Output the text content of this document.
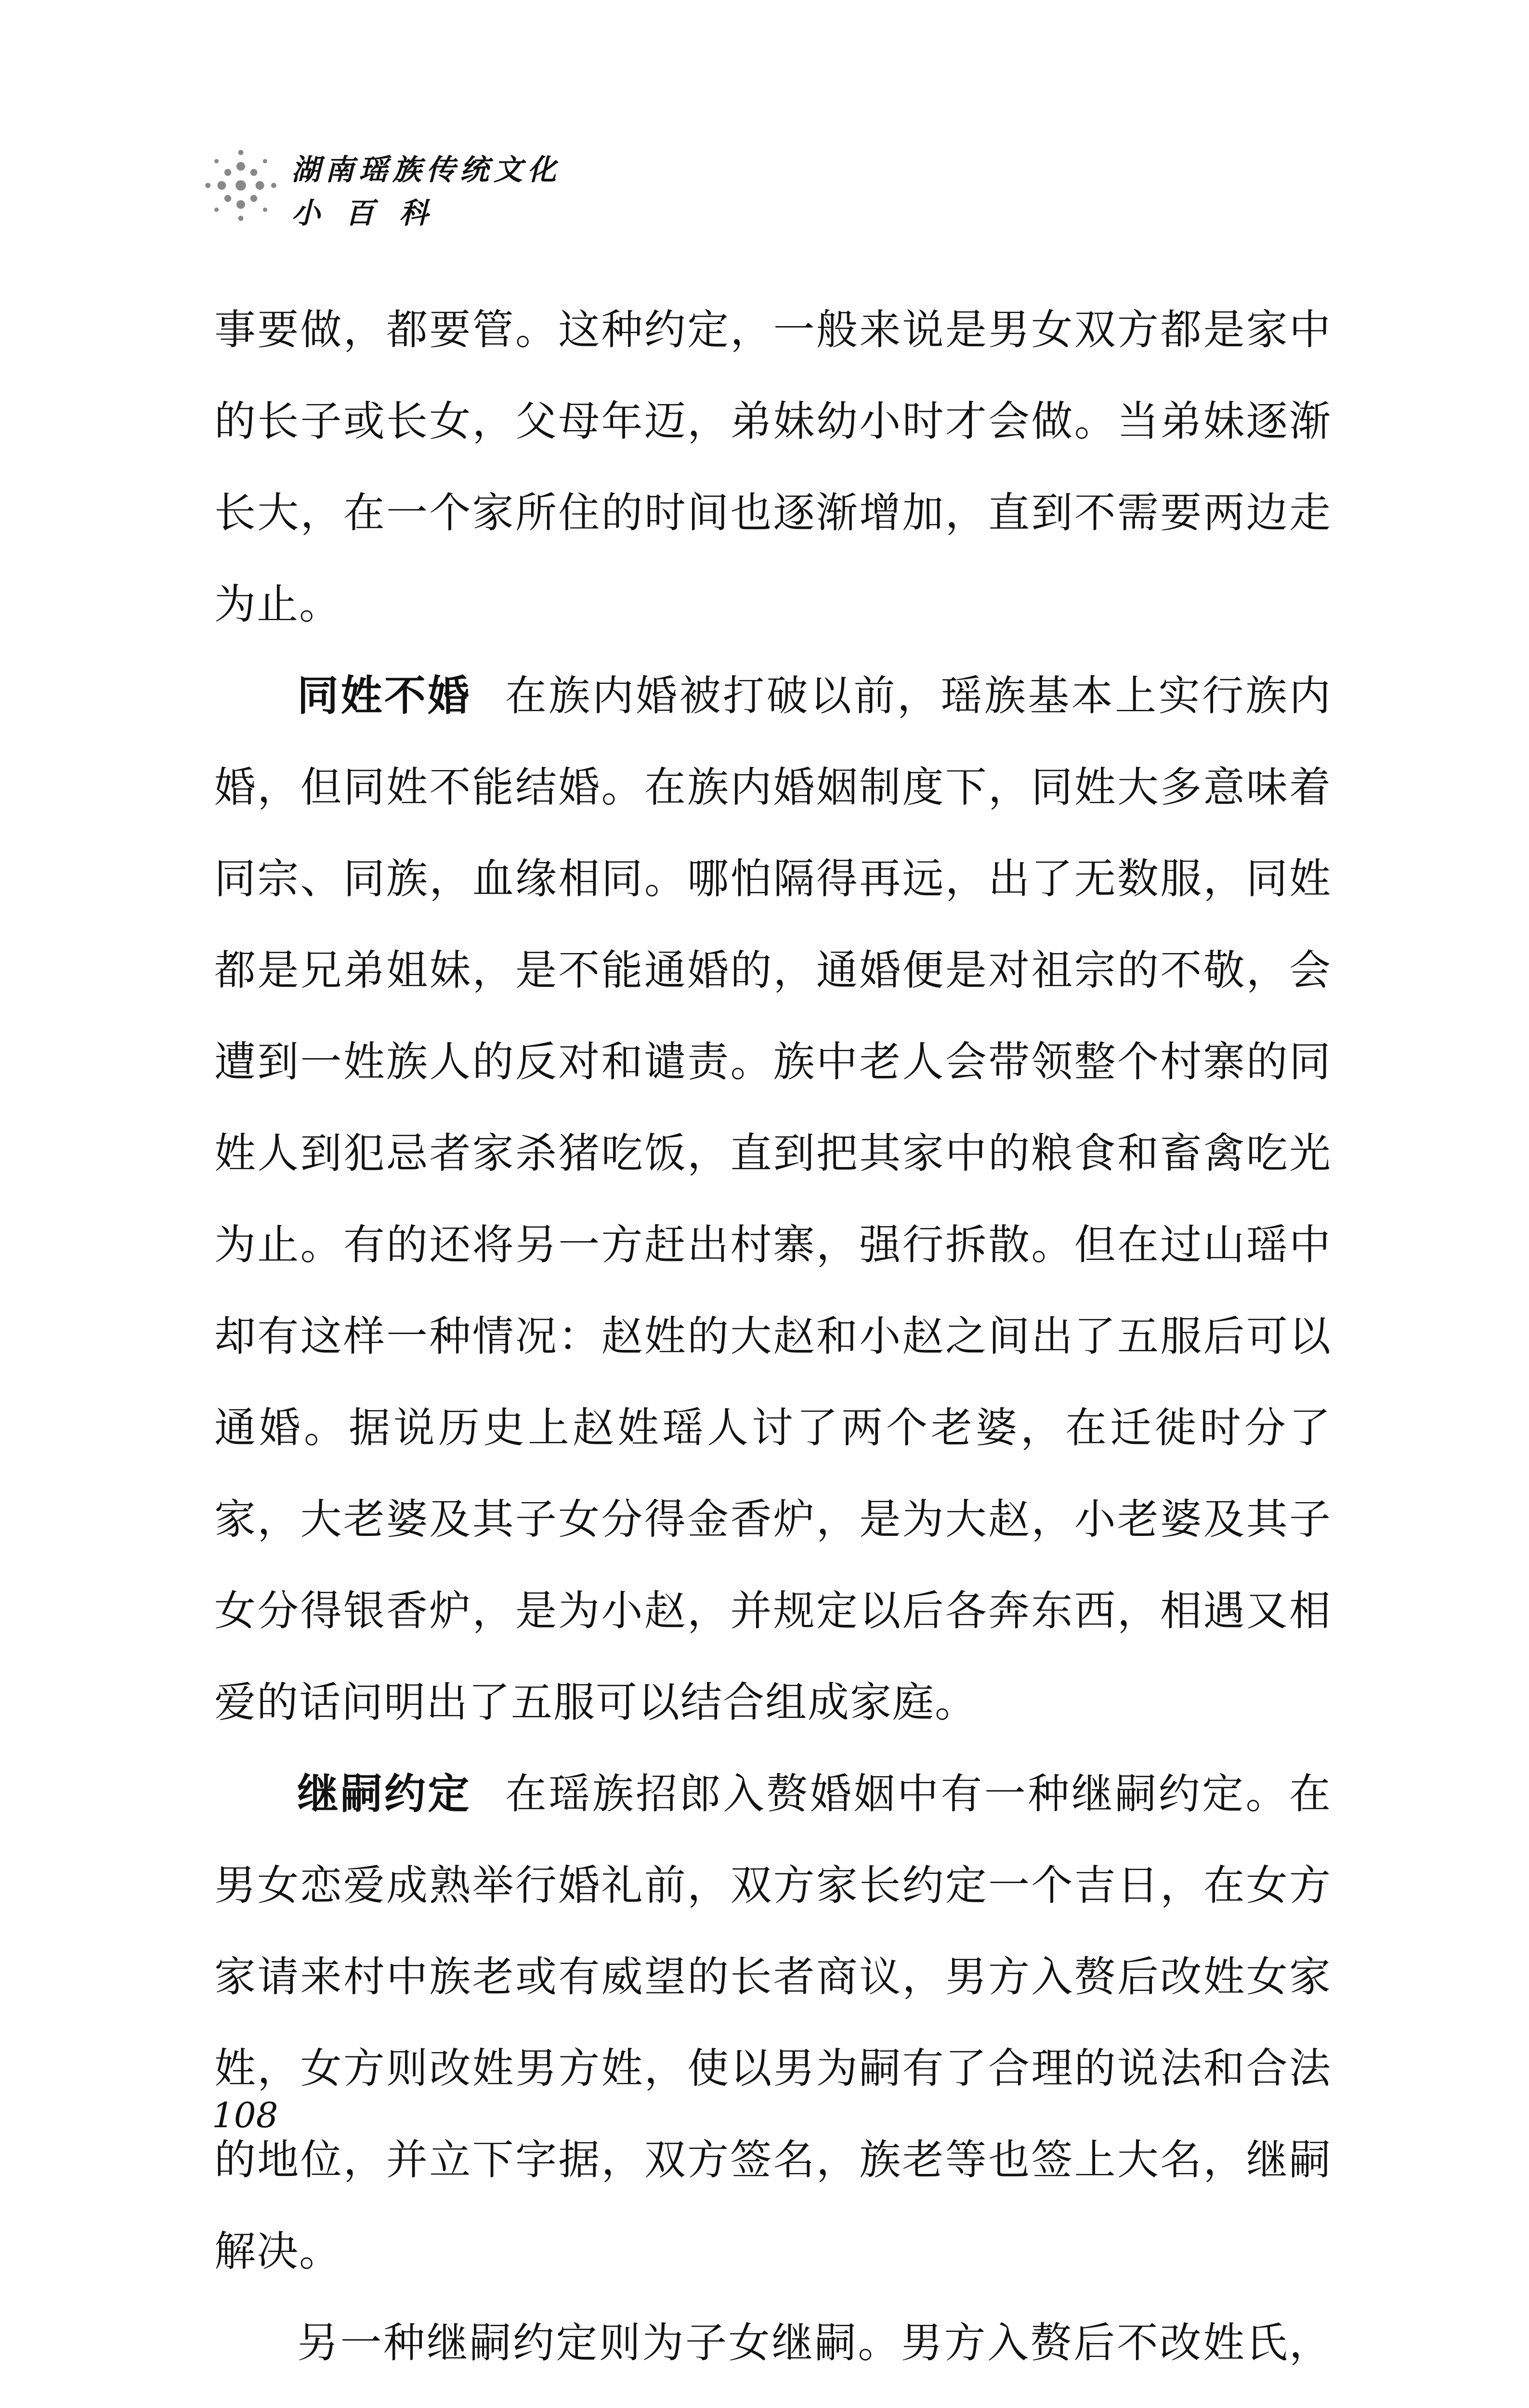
湖南瑶族传统文化
小百科

事要做，都要管。这种约定，一般来说是男女双方都是家中的长子或长女，父母年迈，弟妹幼小时才会做。当弟妹逐渐长大，在一个家所住的时间也逐渐增加，直到不需要两边走为止。

同姓不婚 在族内婚被打破以前，瑶族基本上实行族内婚，但同姓不能结婚。在族内婚姻制度下，同姓大多意味着同宗、同族，血缘相同。哪怕隔得再远，出了无数服，同姓都是兄弟姐妹，是不能通婚的，通婚便是对祖宗的不敬，会遭到一姓族人的反对和谴责。族中老人会带领整个村寨的同姓人到犯忌者家杀猪吃饭，直到把其家中的粮食和畜禽吃光为止。有的还将另一方赶出村寨，强行拆散。但在过山瑶中却有这样一种情况：赵姓的大赵和小赵之间出了五服后可以通婚。据说历史上赵姓瑶人讨了两个老婆，在迁徙时分了家，大老婆及其子女分得金香炉，是为大赵，小老婆及其子女分得银香炉，是为小赵，并规定以后各奔东西，相遇又相爱的话问明出了五服可以结合组成家庭。

继嗣约定 在瑶族招郎入赘婚姻中有一种继嗣约定。在男女恋爱成熟举行婚礼前，双方家长约定一个吉日，在女方家请来村中族老或有威望的长者商议，男方入赘后改姓女家姓，女方则改姓男方姓，使以男为嗣有了合理的说法和合法的地位，并立下字据，双方签名，族老等也签上大名，继嗣解决。

另一种继嗣约定则为子女继嗣。男方入赘后不改姓氏，

108
